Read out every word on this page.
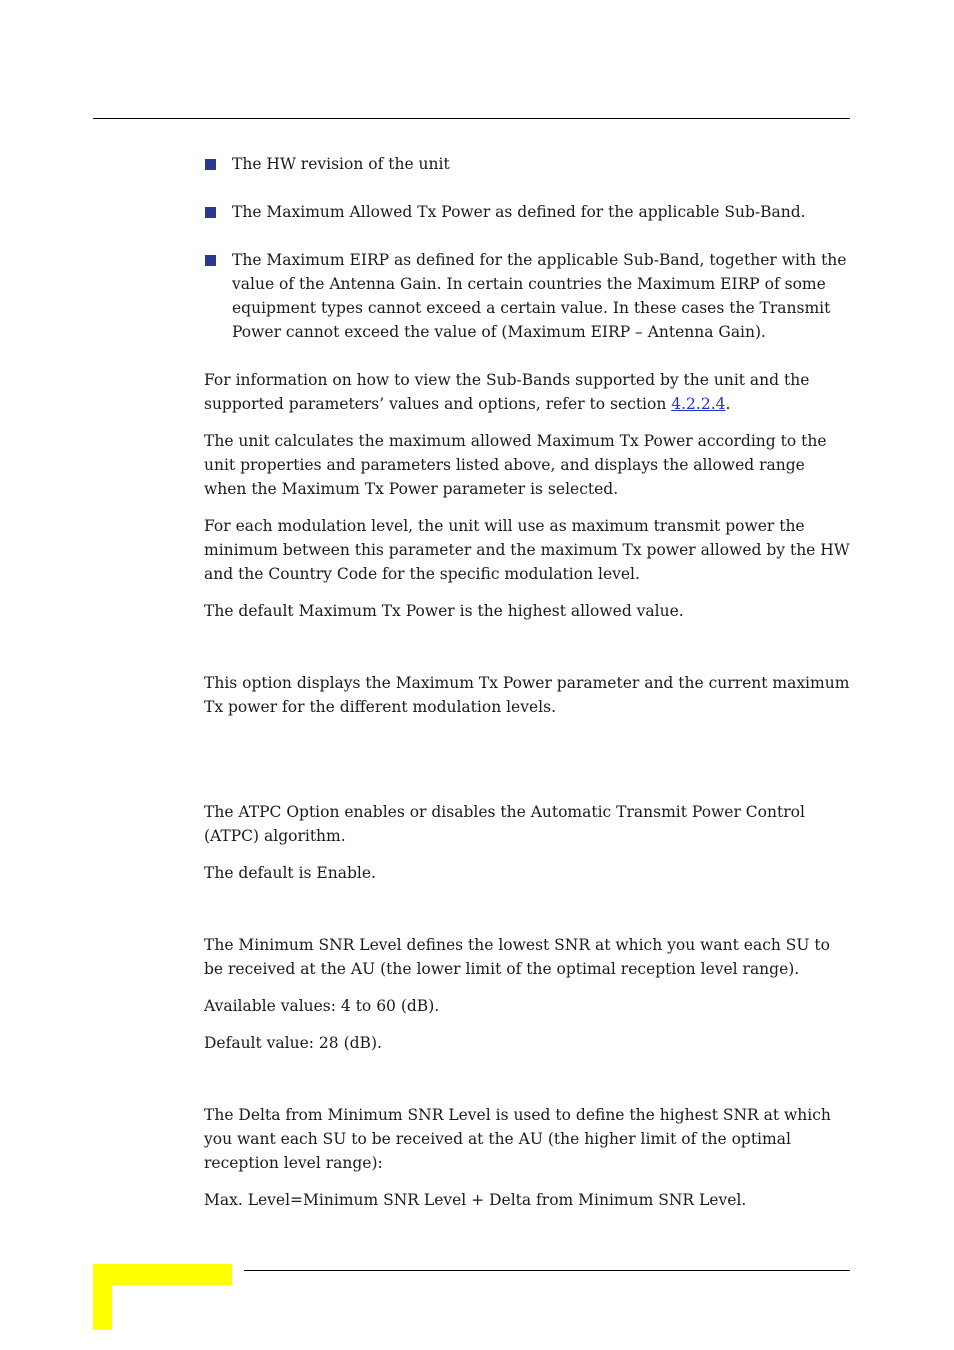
The HW revision of the unit
The Maximum Allowed Tx Power as defined for the applicable Sub-Band.
The Maximum EIRP as defined for the applicable Sub-Band, together with the value of the Antenna Gain. In certain countries the Maximum EIRP of some equipment types cannot exceed a certain value. In these cases the Transmit Power cannot exceed the value of (Maximum EIRP – Antenna Gain).

For information on how to view the Sub-Bands supported by the unit and the supported parameters’ values and options, refer to section 4.2.2.4.

The unit calculates the maximum allowed Maximum Tx Power according to the unit properties and parameters listed above, and displays the allowed range when the Maximum Tx Power parameter is selected.

For each modulation level, the unit will use as maximum transmit power the minimum between this parameter and the maximum Tx power allowed by the HW and the Country Code for the specific modulation level.

The default Maximum Tx Power is the highest allowed value.

This option displays the Maximum Tx Power parameter and the current maximum Tx power for the different modulation levels.

The ATPC Option enables or disables the Automatic Transmit Power Control (ATPC) algorithm.

The default is Enable.

The Minimum SNR Level defines the lowest SNR at which you want each SU to be received at the AU (the lower limit of the optimal reception level range).

Available values: 4 to 60 (dB).

Default value: 28 (dB).

The Delta from Minimum SNR Level is used to define the highest SNR at which you want each SU to be received at the AU (the higher limit of the optimal reception level range):

Max. Level=Minimum SNR Level + Delta from Minimum SNR Level.
